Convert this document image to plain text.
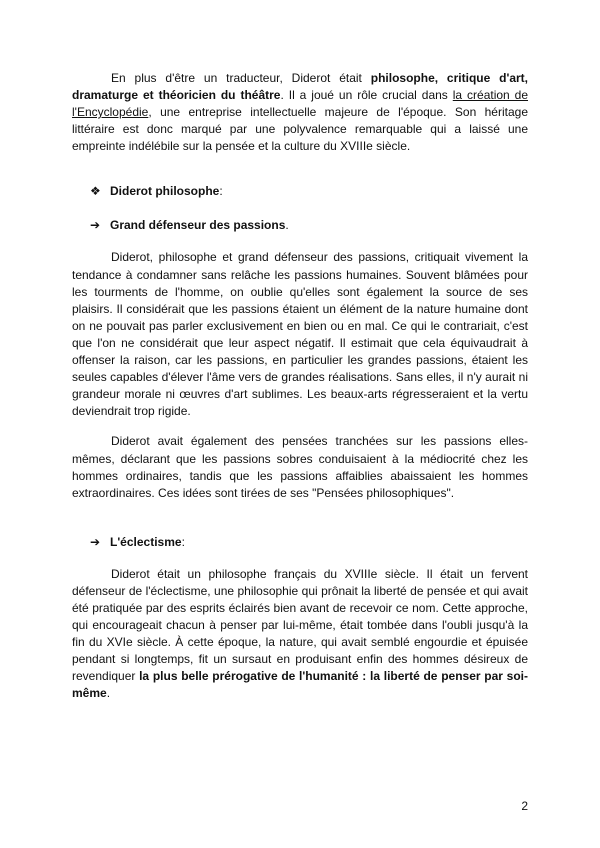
En plus d'être un traducteur, Diderot était philosophe, critique d'art, dramaturge et théoricien du théâtre. Il a joué un rôle crucial dans la création de l'Encyclopédie, une entreprise intellectuelle majeure de l'époque. Son héritage littéraire est donc marqué par une polyvalence remarquable qui a laissé une empreinte indélébile sur la pensée et la culture du XVIIIe siècle.

❖ Diderot philosophe:
➔ Grand défenseur des passions.

Diderot, philosophe et grand défenseur des passions, critiquait vivement la tendance à condamner sans relâche les passions humaines. Souvent blâmées pour les tourments de l'homme, on oublie qu'elles sont également la source de ses plaisirs. Il considérait que les passions étaient un élément de la nature humaine dont on ne pouvait pas parler exclusivement en bien ou en mal. Ce qui le contrariait, c'est que l'on ne considérait que leur aspect négatif. Il estimait que cela équivaudrait à offenser la raison, car les passions, en particulier les grandes passions, étaient les seules capables d'élever l'âme vers de grandes réalisations. Sans elles, il n'y aurait ni grandeur morale ni œuvres d'art sublimes. Les beaux-arts régresseraient et la vertu deviendrait trop rigide.

Diderot avait également des pensées tranchées sur les passions elles-mêmes, déclarant que les passions sobres conduisaient à la médiocrité chez les hommes ordinaires, tandis que les passions affaiblies abaissaient les hommes extraordinaires. Ces idées sont tirées de ses "Pensées philosophiques".

➔ L'éclectisme:

Diderot était un philosophe français du XVIIIe siècle. Il était un fervent défenseur de l'éclectisme, une philosophie qui prônait la liberté de pensée et qui avait été pratiquée par des esprits éclairés bien avant de recevoir ce nom. Cette approche, qui encourageait chacun à penser par lui-même, était tombée dans l'oubli jusqu'à la fin du XVIe siècle. À cette époque, la nature, qui avait semblé engourdie et épuisée pendant si longtemps, fit un sursaut en produisant enfin des hommes désireux de revendiquer la plus belle prérogative de l'humanité : la liberté de penser par soi-même.

2
